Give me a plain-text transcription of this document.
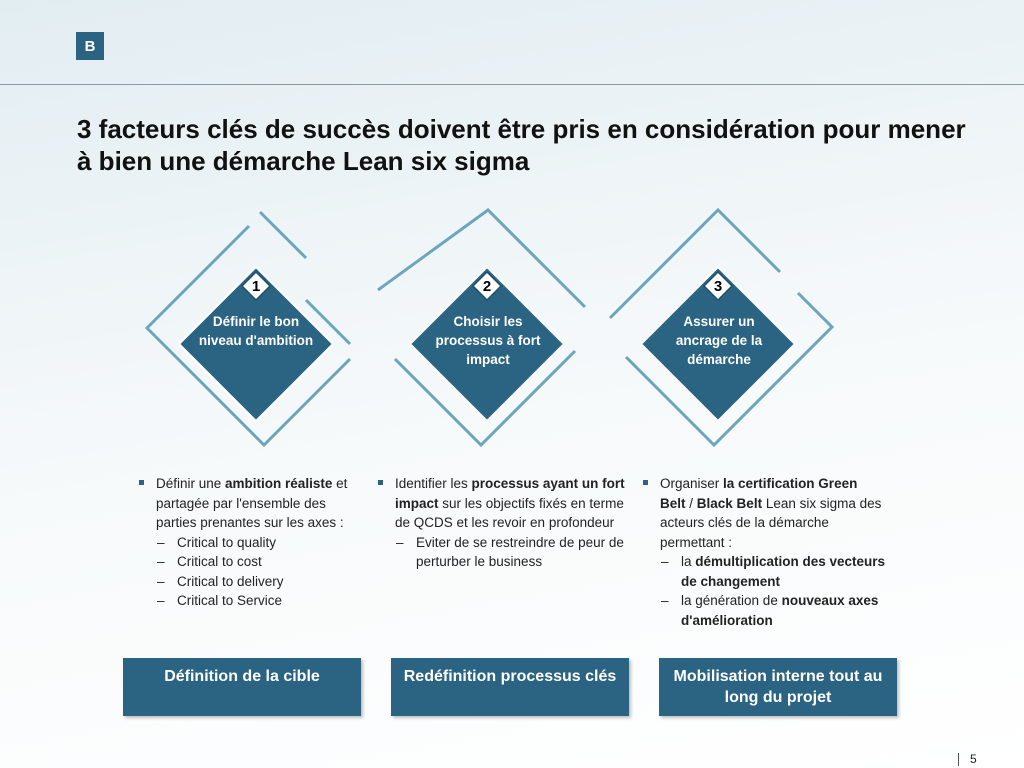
B
3 facteurs clés de succès doivent être pris en considération pour mener à bien une démarche Lean six sigma
1	2	3
Définir le bon niveau d'ambition
Choisir les processus à fort impact
Assurer un ancrage de la démarche

Définir une ambition réaliste et partagée par l'ensemble des parties prenantes sur les axes :

– Critical to quality

– Critical to cost

– Critical to delivery

– Critical to Service

Identifier les processus ayant un fort impact sur les objectifs fixés en terme de QCDS et les revoir en profondeur

– Eviter de se restreindre de peur de perturber le business

Organiser la certification Green Belt / Black Belt Lean six sigma des acteurs clés de la démarche permettant :

– la démultiplication des vecteurs de changement

– la génération de nouveaux axes d'amélioration

Définition de la cible	Redéfinition processus clés	Mobilisation interne tout au long du projet
5
